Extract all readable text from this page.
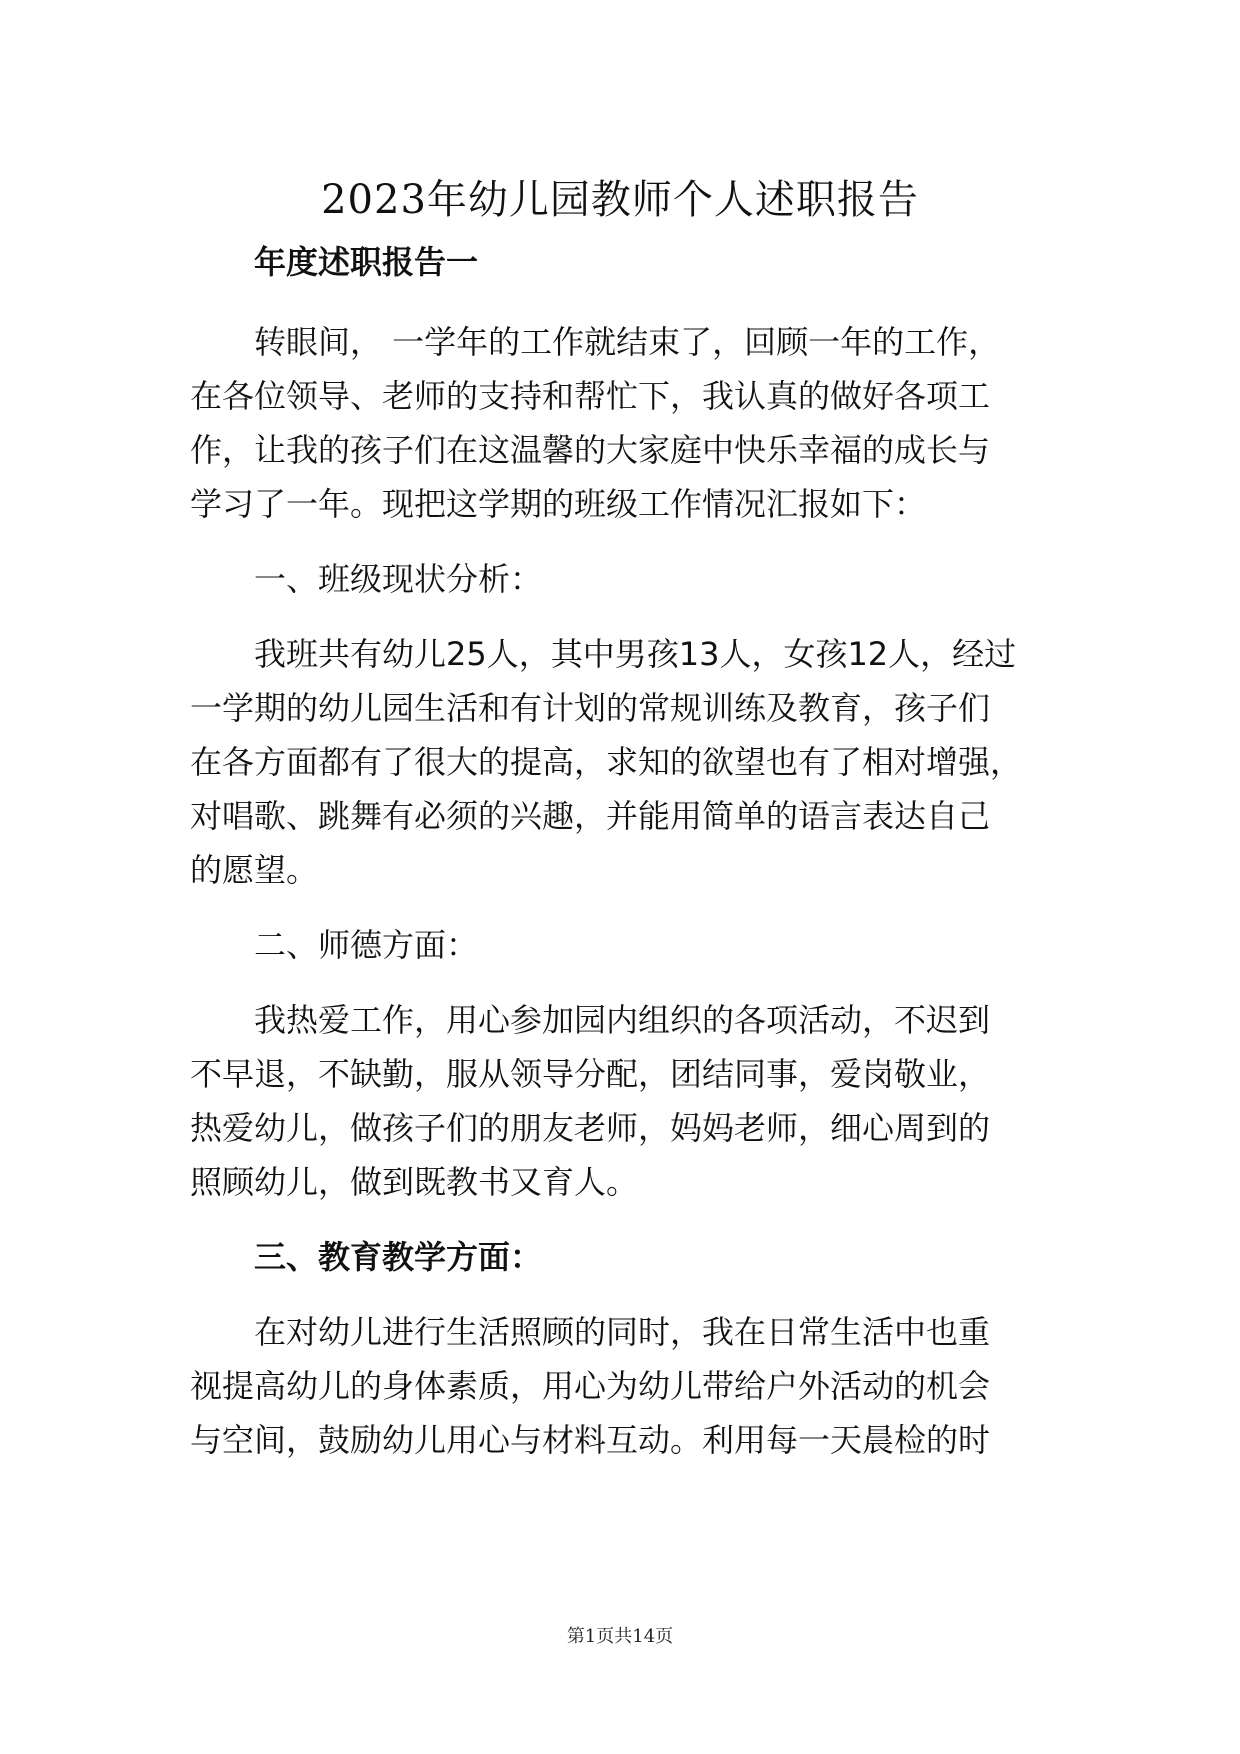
2023年幼儿园教师个人述职报告
年度述职报告一
转眼间， 一学年的工作就结束了，回顾一年的工作，
在各位领导、老师的支持和帮忙下，我认真的做好各项工
作，让我的孩子们在这温馨的大家庭中快乐幸福的成长与
学习了一年。现把这学期的班级工作情况汇报如下：
一、班级现状分析：
我班共有幼儿25人，其中男孩13人，女孩12人，经过
一学期的幼儿园生活和有计划的常规训练及教育，孩子们
在各方面都有了很大的提高，求知的欲望也有了相对增强，
对唱歌、跳舞有必须的兴趣，并能用简单的语言表达自己
的愿望。
二、师德方面：
我热爱工作，用心参加园内组织的各项活动，不迟到
不早退，不缺勤，服从领导分配，团结同事，爱岗敬业，
热爱幼儿，做孩子们的朋友老师，妈妈老师，细心周到的
照顾幼儿，做到既教书又育人。
三、教育教学方面：
在对幼儿进行生活照顾的同时，我在日常生活中也重
视提高幼儿的身体素质，用心为幼儿带给户外活动的机会
与空间，鼓励幼儿用心与材料互动。利用每一天晨检的时
第1页共14页
